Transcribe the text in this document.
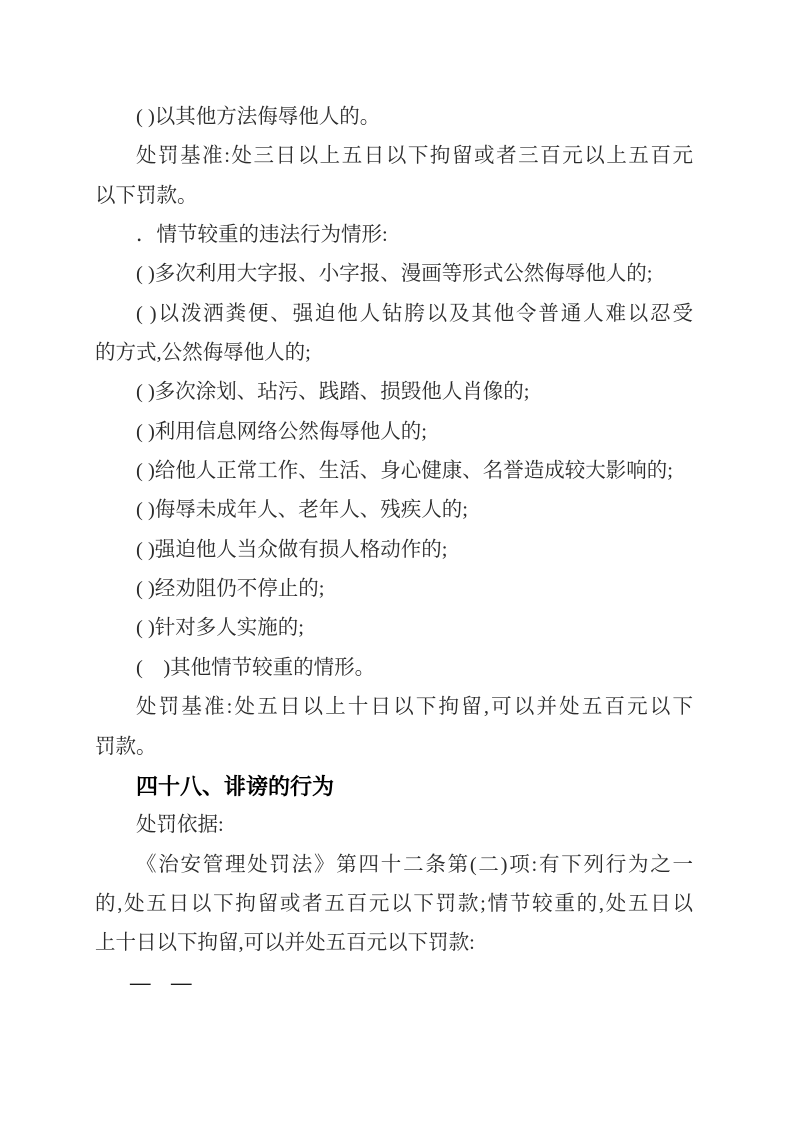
( )以其他方法侮辱他人的。
处罚基准:处三日以上五日以下拘留或者三百元以上五百元
以下罚款。
．情节较重的违法行为情形:
( )多次利用大字报、小字报、漫画等形式公然侮辱他人的;
( )以泼洒粪便、强迫他人钻胯以及其他令普通人难以忍受
的方式,公然侮辱他人的;
( )多次涂划、玷污、践踏、损毁他人肖像的;
( )利用信息网络公然侮辱他人的;
( )给他人正常工作、生活、身心健康、名誉造成较大影响的;
( )侮辱未成年人、老年人、残疾人的;
( )强迫他人当众做有损人格动作的;
( )经劝阻仍不停止的;
( )针对多人实施的;
(　)其他情节较重的情形。
处罚基准:处五日以上十日以下拘留,可以并处五百元以下
罚款。
四十八、诽谤的行为
处罚依据:
《治安管理处罚法》第四十二条第(二)项:有下列行为之一
的,处五日以下拘留或者五百元以下罚款;情节较重的,处五日以
上十日以下拘留,可以并处五百元以下罚款:
—　—
